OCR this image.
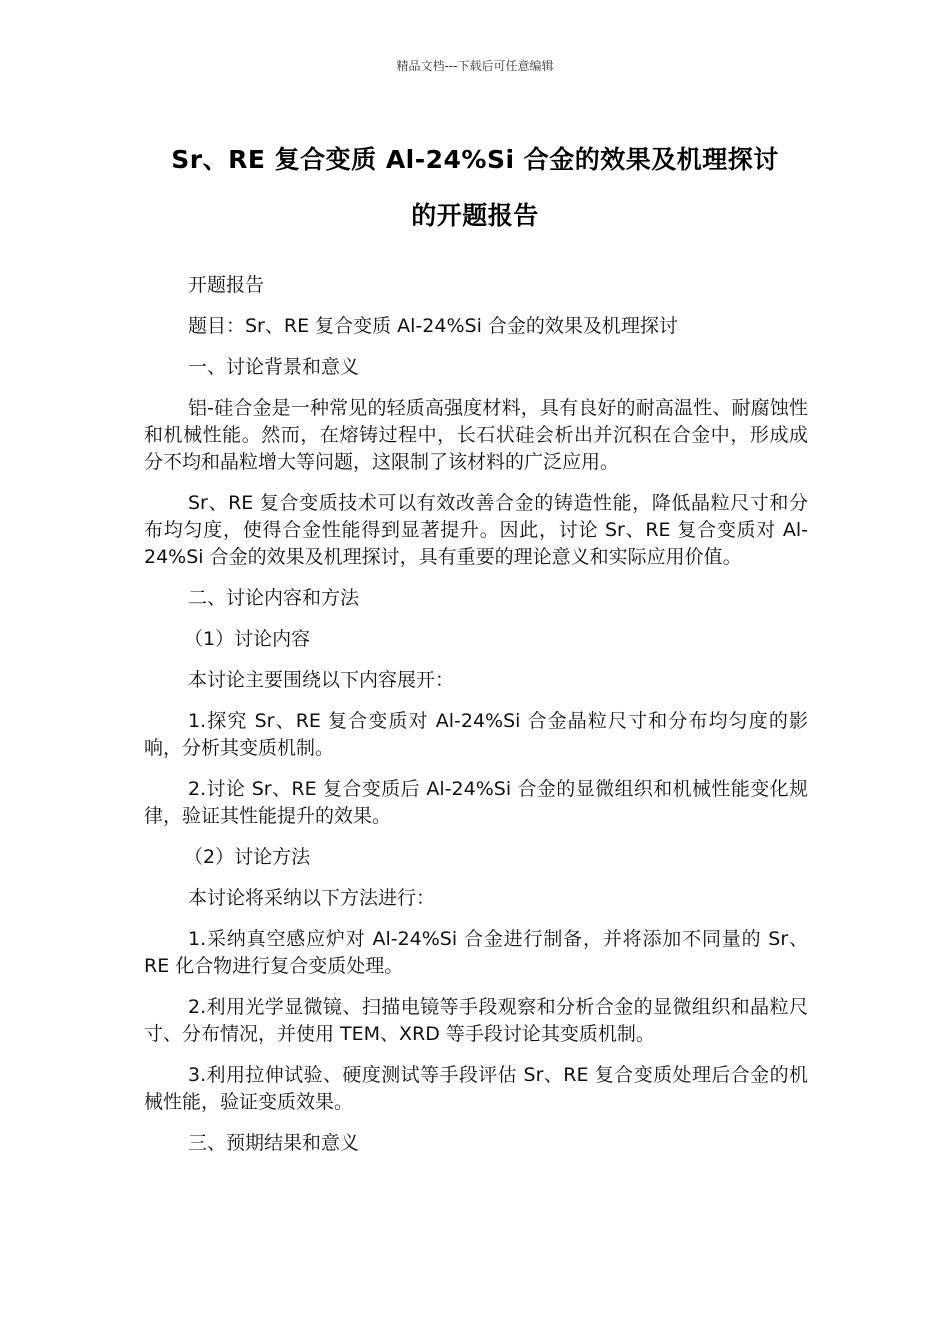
精品文档---下载后可任意编辑
Sr、RE 复合变质 Al-24%Si 合金的效果及机理探讨
的开题报告

开题报告

题目：Sr、RE 复合变质 Al-24%Si 合金的效果及机理探讨

一、讨论背景和意义

铝-硅合金是一种常见的轻质高强度材料，具有良好的耐高温性、耐腐蚀性和机械性能。然而，在熔铸过程中，长石状硅会析出并沉积在合金中，形成成分不均和晶粒增大等问题，这限制了该材料的广泛应用。

Sr、RE 复合变质技术可以有效改善合金的铸造性能，降低晶粒尺寸和分布均匀度，使得合金性能得到显著提升。因此，讨论 Sr、RE 复合变质对 Al-24%Si 合金的效果及机理探讨，具有重要的理论意义和实际应用价值。

二、讨论内容和方法

（1）讨论内容

本讨论主要围绕以下内容展开：

1.探究 Sr、RE 复合变质对 Al-24%Si 合金晶粒尺寸和分布均匀度的影响，分析其变质机制。

2.讨论 Sr、RE 复合变质后 Al-24%Si 合金的显微组织和机械性能变化规律，验证其性能提升的效果。

（2）讨论方法

本讨论将采纳以下方法进行：

1.采纳真空感应炉对 Al-24%Si 合金进行制备，并将添加不同量的 Sr、RE 化合物进行复合变质处理。

2.利用光学显微镜、扫描电镜等手段观察和分析合金的显微组织和晶粒尺寸、分布情况，并使用 TEM、XRD 等手段讨论其变质机制。

3.利用拉伸试验、硬度测试等手段评估 Sr、RE 复合变质处理后合金的机械性能，验证变质效果。

三、预期结果和意义
